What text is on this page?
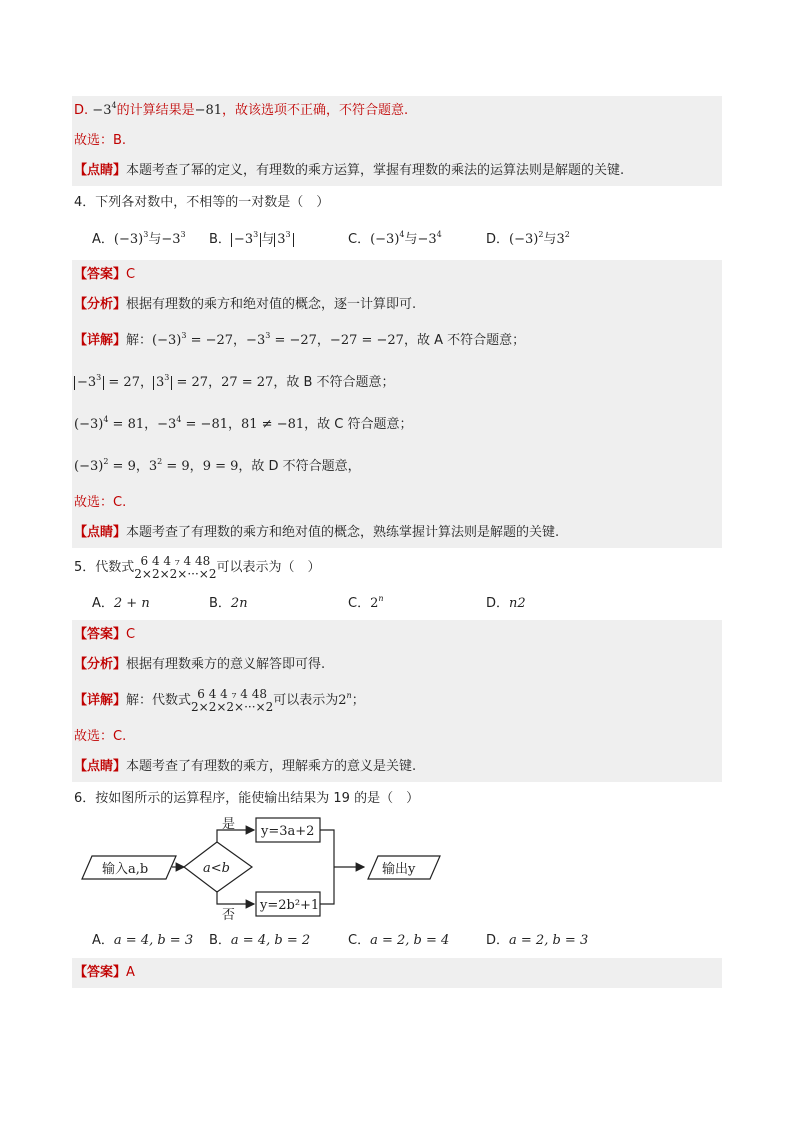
D. $-3^4$的计算结果是−81，故该选项不正确，不符合题意.
故选：B.
【点睛】本题考查了幂的定义，有理数的乘方运算，掌握有理数的乘法的运算法则是解题的关键.
4．下列各对数中，不相等的一对数是（　）
A．$(-3)^3$与$-3^3$ B． $-3^3$ 与 $3^3$	C．$(-3)^4$与$-3^4$	D．$(-3)^2$与$3^2$
【答案】C
【分析】根据有理数的乘方和绝对值的概念，逐一计算即可.
【详解】解：$(-3)^3 = -27$，$-3^3 = -27$，−27 = −27，故 A 不符合题意；
$-3^3 = 27$， $3^3 = 27$，27 = 27，故 B 不符合题意；
$(-3)^4 = 81$，$-3^4 = -81$，81 ≠ −81，故 C 符合题意；
$(-3)^2 = 9$，$3^2 = 9$，9 = 9，故 D 不符合题意，
故选：C.
【点睛】本题考查了有理数的乘方和绝对值的概念，熟练掌握计算法则是解题的关键.
5．代数式 6 4 4 ₇ 4 48
2×2×2×···×2 可以表示为（　）
A．2 + n	B．2n	C．2$^n$	D．n2
【答案】C
【分析】根据有理数乘方的意义解答即可得.
【详解】解：代数式 6 4 4 ₇ 4 48
2×2×2×···×2 可以表示为2$^n$；
故选：C.
【点睛】本题考查了有理数的乘方，理解乘方的意义是关键.
6．按如图所示的运算程序，能使输出结果为 19 的是（　）
输入a,b	a<b
是
否
y=3a+2
y=2b²+1
输出y
A．a = 4, b = 3 B．a = 4, b = 2	C．a = 2, b = 4	D．a = 2, b = 3
【答案】A
